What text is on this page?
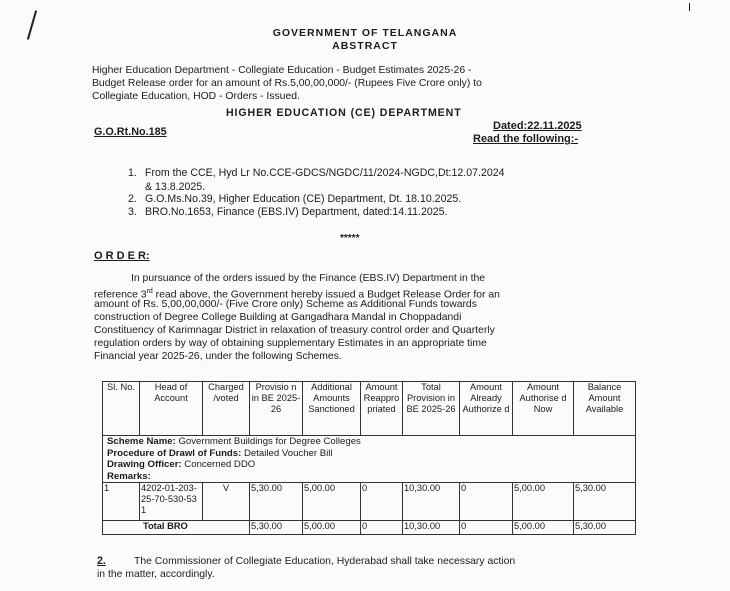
GOVERNMENT OF TELANGANA
ABSTRACT
Higher Education Department - Collegiate Education - Budget Estimates 2025-26 -
Budget Release order for an amount of Rs.5,00,00,000/- (Rupees Five Crore only) to
Collegiate Education, HOD - Orders - Issued.
HIGHER EDUCATION (CE) DEPARTMENT
G.O.Rt.No.185	Dated:22.11.2025
Read the following:-
1. From the CCE, Hyd Lr No.CCE-GDCS/NGDC/11/2024-NGDC,Dt:12.07.2024
& 13.8.2025.
2. G.O.Ms.No.39, Higher Education (CE) Department, Dt. 18.10.2025.
3. BRO.No.1653, Finance (EBS.IV) Department, dated:14.11.2025.
*****
O R D E R:
In pursuance of the orders issued by the Finance (EBS.IV) Department in the
reference 3rd read above, the Government hereby issued a Budget Release Order for an
amount of Rs. 5,00,00,000/- (Five Crore only) Scheme as Additional Funds towards
construction of Degree College Building at Gangadhara Mandal in Choppadandi
Constituency of Karimnagar District in relaxation of treasury control order and Quarterly
regulation orders by way of obtaining supplementary Estimates in an appropriate time
Financial year 2025-26, under the following Schemes.
Sl. No.	Head of Account	Charged /voted	Provisio n in BE 2025-26	Additional Amounts Sanctioned	Amount Reappro priated	Total Provision in BE 2025-26	Amount Already Authorize d	Amount Authorise d Now	Balance Amount Available

Scheme Name: Government Buildings for Degree Colleges
Procedure of Drawl of Funds: Detailed Voucher Bill
Drawing Officer: Concerned DDO
Remarks:									

1	4202-01-203-25-70-530-531	V	5,30.00	5,00.00	0	10,30.00	0	5,00.00	5,30.00
Total BRO			5,30.00	5,00.00	0	10,30.00	0	5,00.00	5,30.00
2.	The Commissioner of Collegiate Education, Hyderabad shall take necessary action
in the matter, accordingly.
